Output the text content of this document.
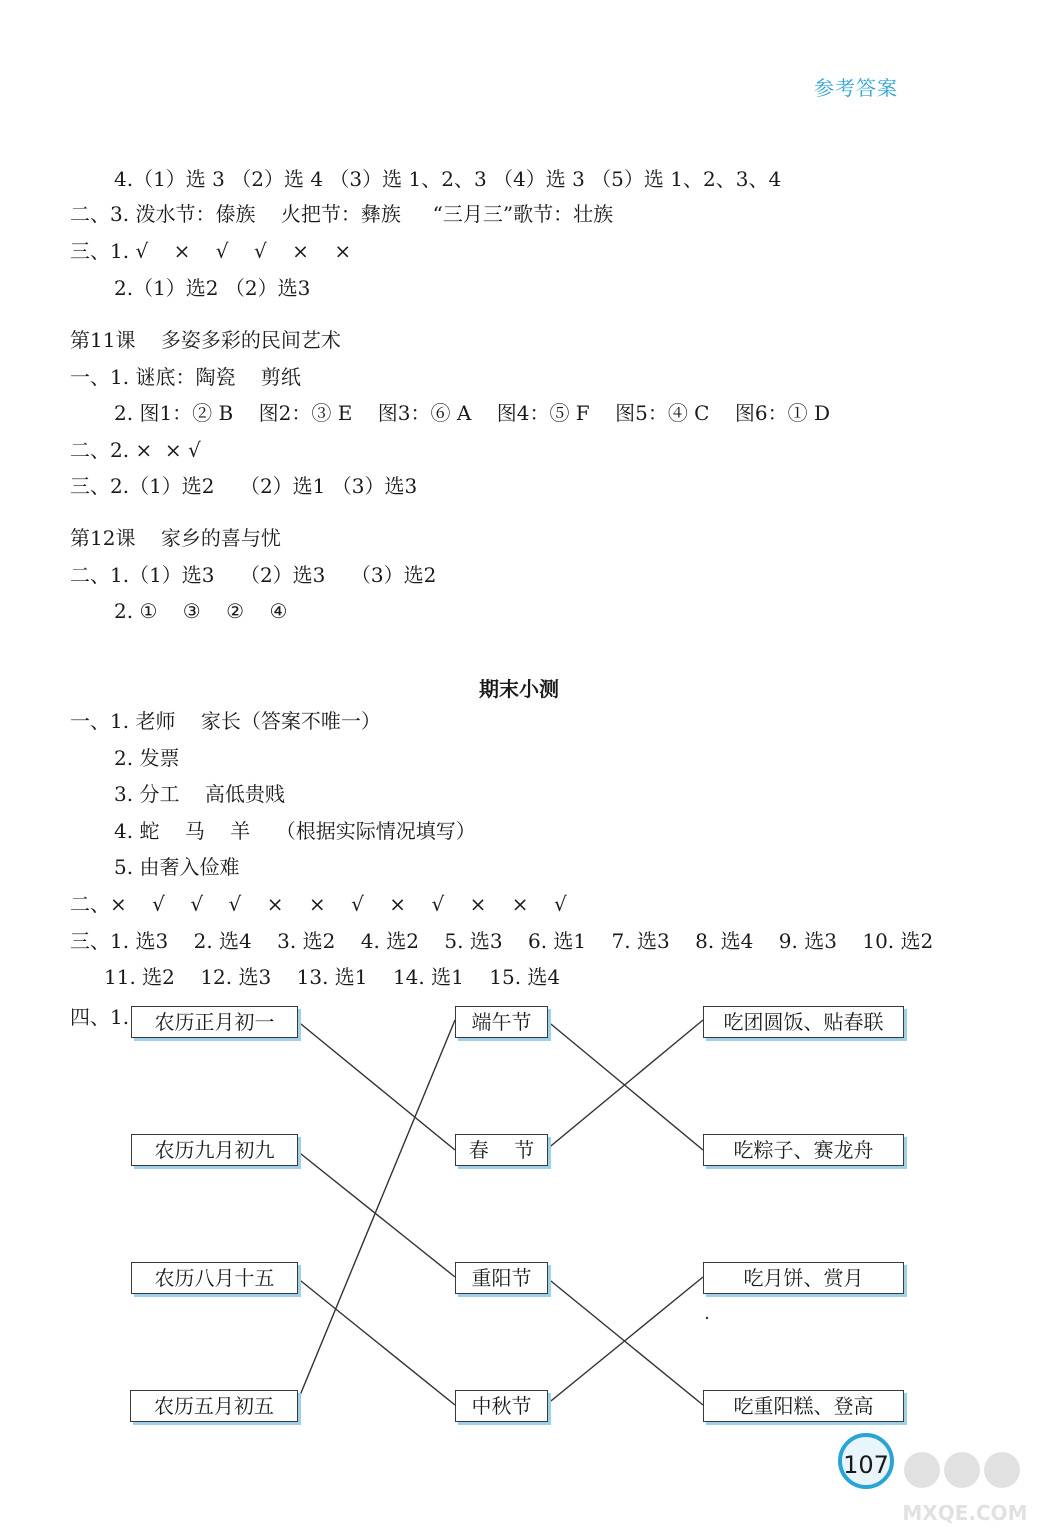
参考答案
4.（1）选 3 （2）选 4 （3）选 1、2、3 （4）选 3 （5）选 1、2、3、4
二、3. 泼水节：傣族    火把节：彝族     “三月三”歌节：壮族
三、1. √    ×    √    √    ×    ×
2.（1）选2 （2）选3
第11课    多姿多彩的民间艺术
一、1. 谜底：陶瓷    剪纸
2. 图1：② B    图2：③ E    图3：⑥ A    图4：⑤ F    图5：④ C    图6：① D
二、2. ×  × √
三、2.（1）选2    （2）选1 （3）选3
第12课    家乡的喜与忧
二、1.（1）选3    （2）选3    （3）选2
2. ①    ③    ②    ④
期末小测
一、1. 老师    家长（答案不唯一）
2. 发票
3. 分工    高低贵贱
4. 蛇    马    羊    （根据实际情况填写）
5. 由奢入俭难
二、×    √    √    √    ×    ×    √    ×    √    ×    ×    √
三、1. 选3    2. 选4    3. 选2    4. 选2    5. 选3    6. 选1    7. 选3    8. 选4    9. 选3    10. 选2
11. 选2    12. 选3    13. 选1    14. 选1    15. 选4
四、1.	农历正月初一
农历九月初九
农历八月十五
农历五月初五
端午节
春    节
重阳节
中秋节
吃团圆饭、贴春联
吃粽子、赛龙舟
吃月饼、赏月
吃重阳糕、登高
107
MXQE.COM
